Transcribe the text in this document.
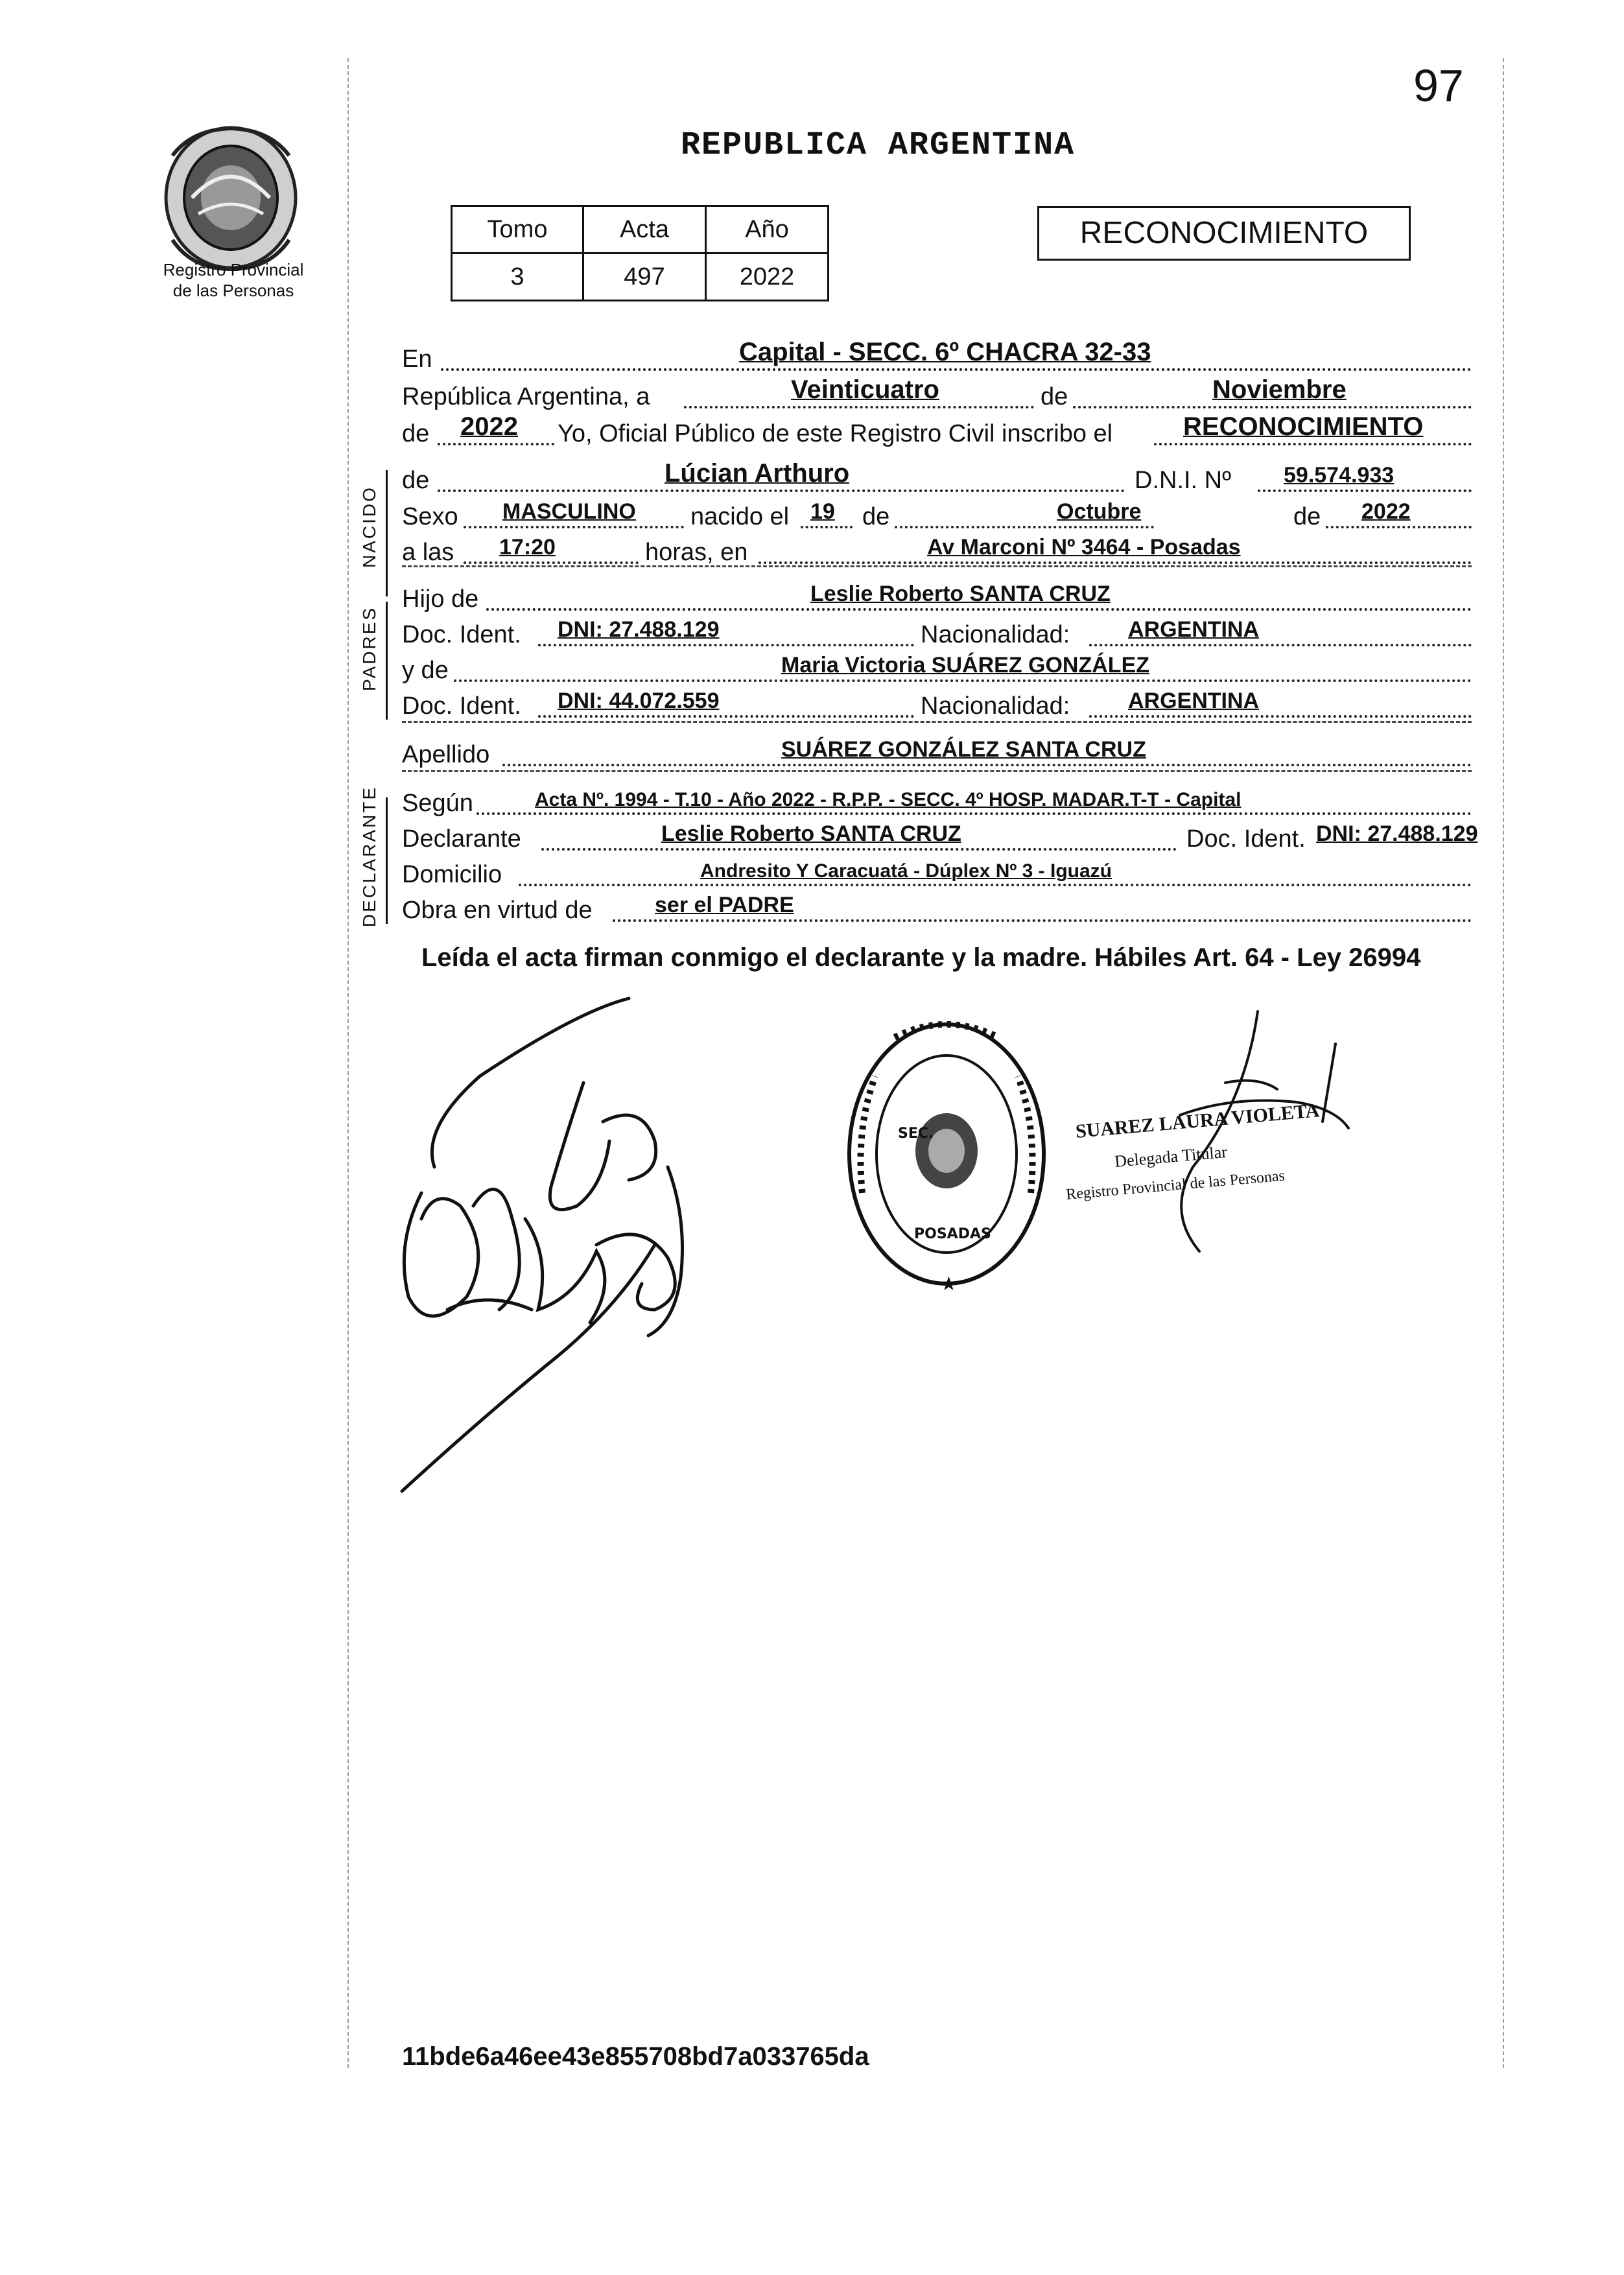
97
Registro Provincial
de las Personas
REPUBLICA ARGENTINA
Tomo	Acta	Año
3	497	2022
RECONOCIMIENTO
En	Capital - SECC. 6º CHACRA 32-33
República Argentina, a	Veinticuatro	de	Noviembre
de 2022 Yo, Oficial Público de este Registro Civil inscribo el	RECONOCIMIENTO
NACIDO
de	Lúcian Arthuro	D.N.I. Nº 59.574.933
Sexo MASCULINO nacido el 19 de	Octubre	de 2022
a las 17:20	horas, en	Av Marconi Nº 3464 - Posadas
PADRES
Hijo de	Leslie Roberto SANTA CRUZ
Doc. Ident. DNI: 27.488.129	Nacionalidad:	ARGENTINA
y de	Maria Victoria SUÁREZ GONZÁLEZ
Doc. Ident. DNI: 44.072.559	Nacionalidad:	ARGENTINA
Apellido	SUÁREZ GONZÁLEZ SANTA CRUZ
DECLARANTE Según	Acta Nº. 1994 - T.10 - Año 2022 - R.P.P. - SECC. 4º HOSP. MADAR.T-T - Capital
Declarante	Leslie Roberto SANTA CRUZ	Doc. Ident. DNI: 27.488.129
Domicilio	Andresito Y Caracuatá - Dúplex Nº 3 - Iguazú
Obra en virtud de	ser el PADRE
Leída el acta firman conmigo el declarante y la madre. Hábiles Art. 64 - Ley 26994
SEC.
POSADAS
★
SUAREZ LAURA VIOLETA
Delegada Titular
Registro Provincial de las Personas
11bde6a46ee43e855708bd7a033765da
